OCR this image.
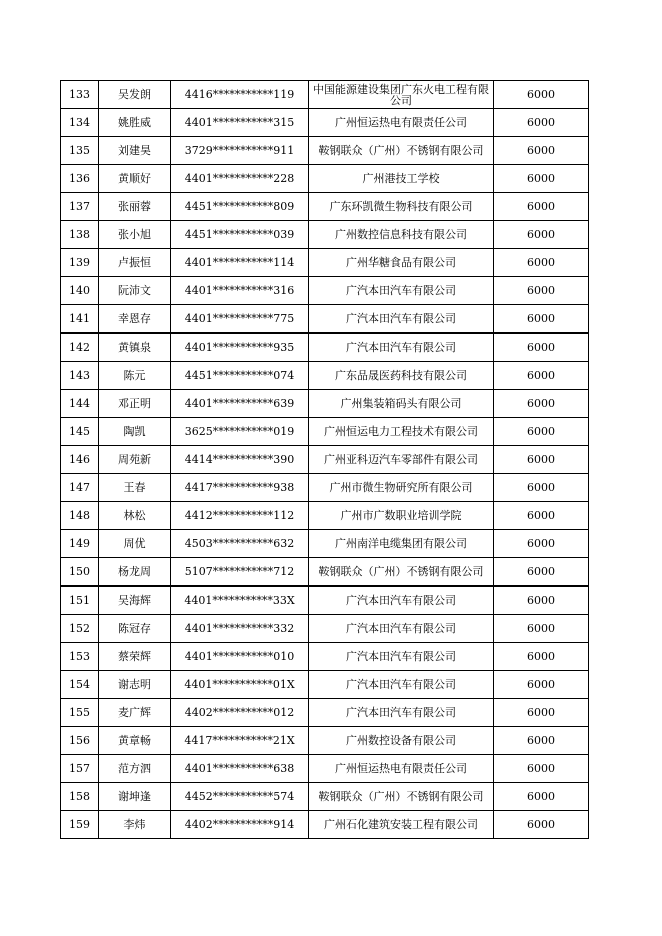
133	吴发朗	4416***********119	中国能源建设集团广东火电工程有限公司	6000
134	姚胜威	4401***********315	广州恒运热电有限责任公司	6000
135	刘建昊	3729***********911	鞍钢联众（广州）不锈钢有限公司	6000
136	黄顺好	4401***********228	广州港技工学校	6000
137	张丽蓉	4451***********809	广东环凯微生物科技有限公司	6000
138	张小旭	4451***********039	广州数控信息科技有限公司	6000
139	卢振恒	4401***********114	广州华糖食品有限公司	6000
140	阮沛文	4401***********316	广汽本田汽车有限公司	6000
141	幸恩存	4401***********775	广汽本田汽车有限公司	6000
142	黄镇泉	4401***********935	广汽本田汽车有限公司	6000
143	陈元	4451***********074	广东品晟医药科技有限公司	6000
144	邓正明	4401***********639	广州集装箱码头有限公司	6000
145	陶凯	3625***********019	广州恒运电力工程技术有限公司	6000
146	周苑新	4414***********390	广州亚科迈汽车零部件有限公司	6000
147	王春	4417***********938	广州市微生物研究所有限公司	6000
148	林松	4412***********112	广州市广数职业培训学院	6000
149	周优	4503***********632	广州南洋电缆集团有限公司	6000
150	杨龙周	5107***********712	鞍钢联众（广州）不锈钢有限公司	6000
151	吴海辉	4401***********33X	广汽本田汽车有限公司	6000
152	陈冠存	4401***********332	广汽本田汽车有限公司	6000
153	蔡荣辉	4401***********010	广汽本田汽车有限公司	6000
154	谢志明	4401***********01X	广汽本田汽车有限公司	6000
155	麦广辉	4402***********012	广汽本田汽车有限公司	6000
156	黄章畅	4417***********21X	广州数控设备有限公司	6000
157	范方泗	4401***********638	广州恒运热电有限责任公司	6000
158	谢坤逢	4452***********574	鞍钢联众（广州）不锈钢有限公司	6000
159	李炜	4402***********914	广州石化建筑安装工程有限公司	6000
